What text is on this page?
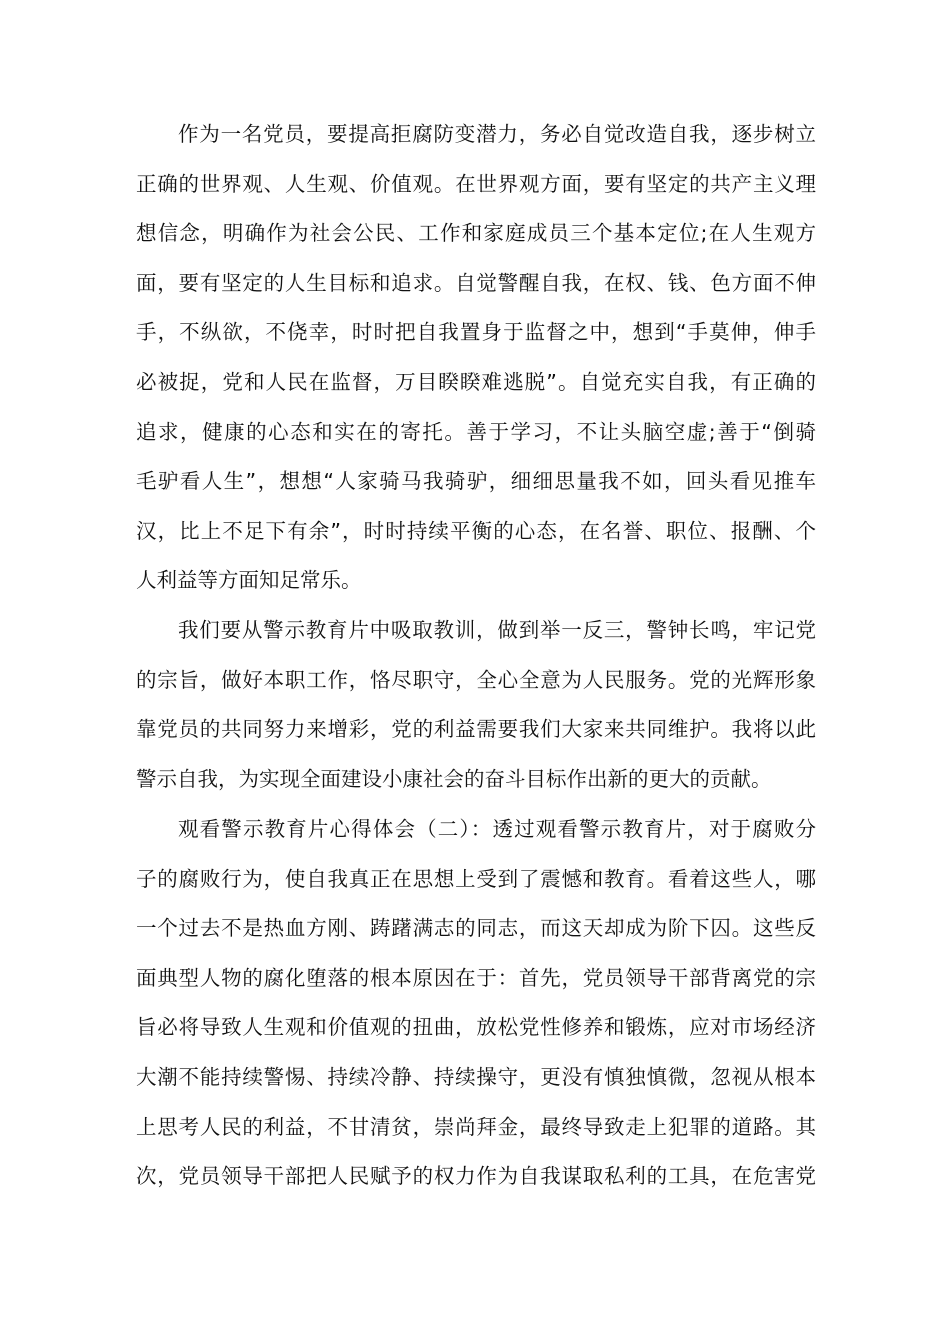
作为一名党员，要提高拒腐防变潜力，务必自觉改造自我，逐步树立
正确的世界观、人生观、价值观。在世界观方面，要有坚定的共产主义理
想信念，明确作为社会公民、工作和家庭成员三个基本定位;在人生观方
面，要有坚定的人生目标和追求。自觉警醒自我，在权、钱、色方面不伸
手，不纵欲，不侥幸，时时把自我置身于监督之中，想到“手莫伸，伸手
必被捉，党和人民在监督，万目睽睽难逃脱”。自觉充实自我，有正确的
追求，健康的心态和实在的寄托。善于学习，不让头脑空虚;善于“倒骑
毛驴看人生”，想想“人家骑马我骑驴，细细思量我不如，回头看见推车
汉，比上不足下有余”，时时持续平衡的心态，在名誉、职位、报酬、个
人利益等方面知足常乐。
我们要从警示教育片中吸取教训，做到举一反三，警钟长鸣，牢记党
的宗旨，做好本职工作，恪尽职守，全心全意为人民服务。党的光辉形象
靠党员的共同努力来增彩，党的利益需要我们大家来共同维护。我将以此
警示自我，为实现全面建设小康社会的奋斗目标作出新的更大的贡献。
观看警示教育片心得体会（二）：透过观看警示教育片，对于腐败分
子的腐败行为，使自我真正在思想上受到了震憾和教育。看着这些人，哪
一个过去不是热血方刚、踌躇满志的同志，而这天却成为阶下囚。这些反
面典型人物的腐化堕落的根本原因在于：首先，党员领导干部背离党的宗
旨必将导致人生观和价值观的扭曲，放松党性修养和锻炼，应对市场经济
大潮不能持续警惕、持续冷静、持续操守，更没有慎独慎微，忽视从根本
上思考人民的利益，不甘清贫，崇尚拜金，最终导致走上犯罪的道路。其
次，党员领导干部把人民赋予的权力作为自我谋取私利的工具，在危害党
